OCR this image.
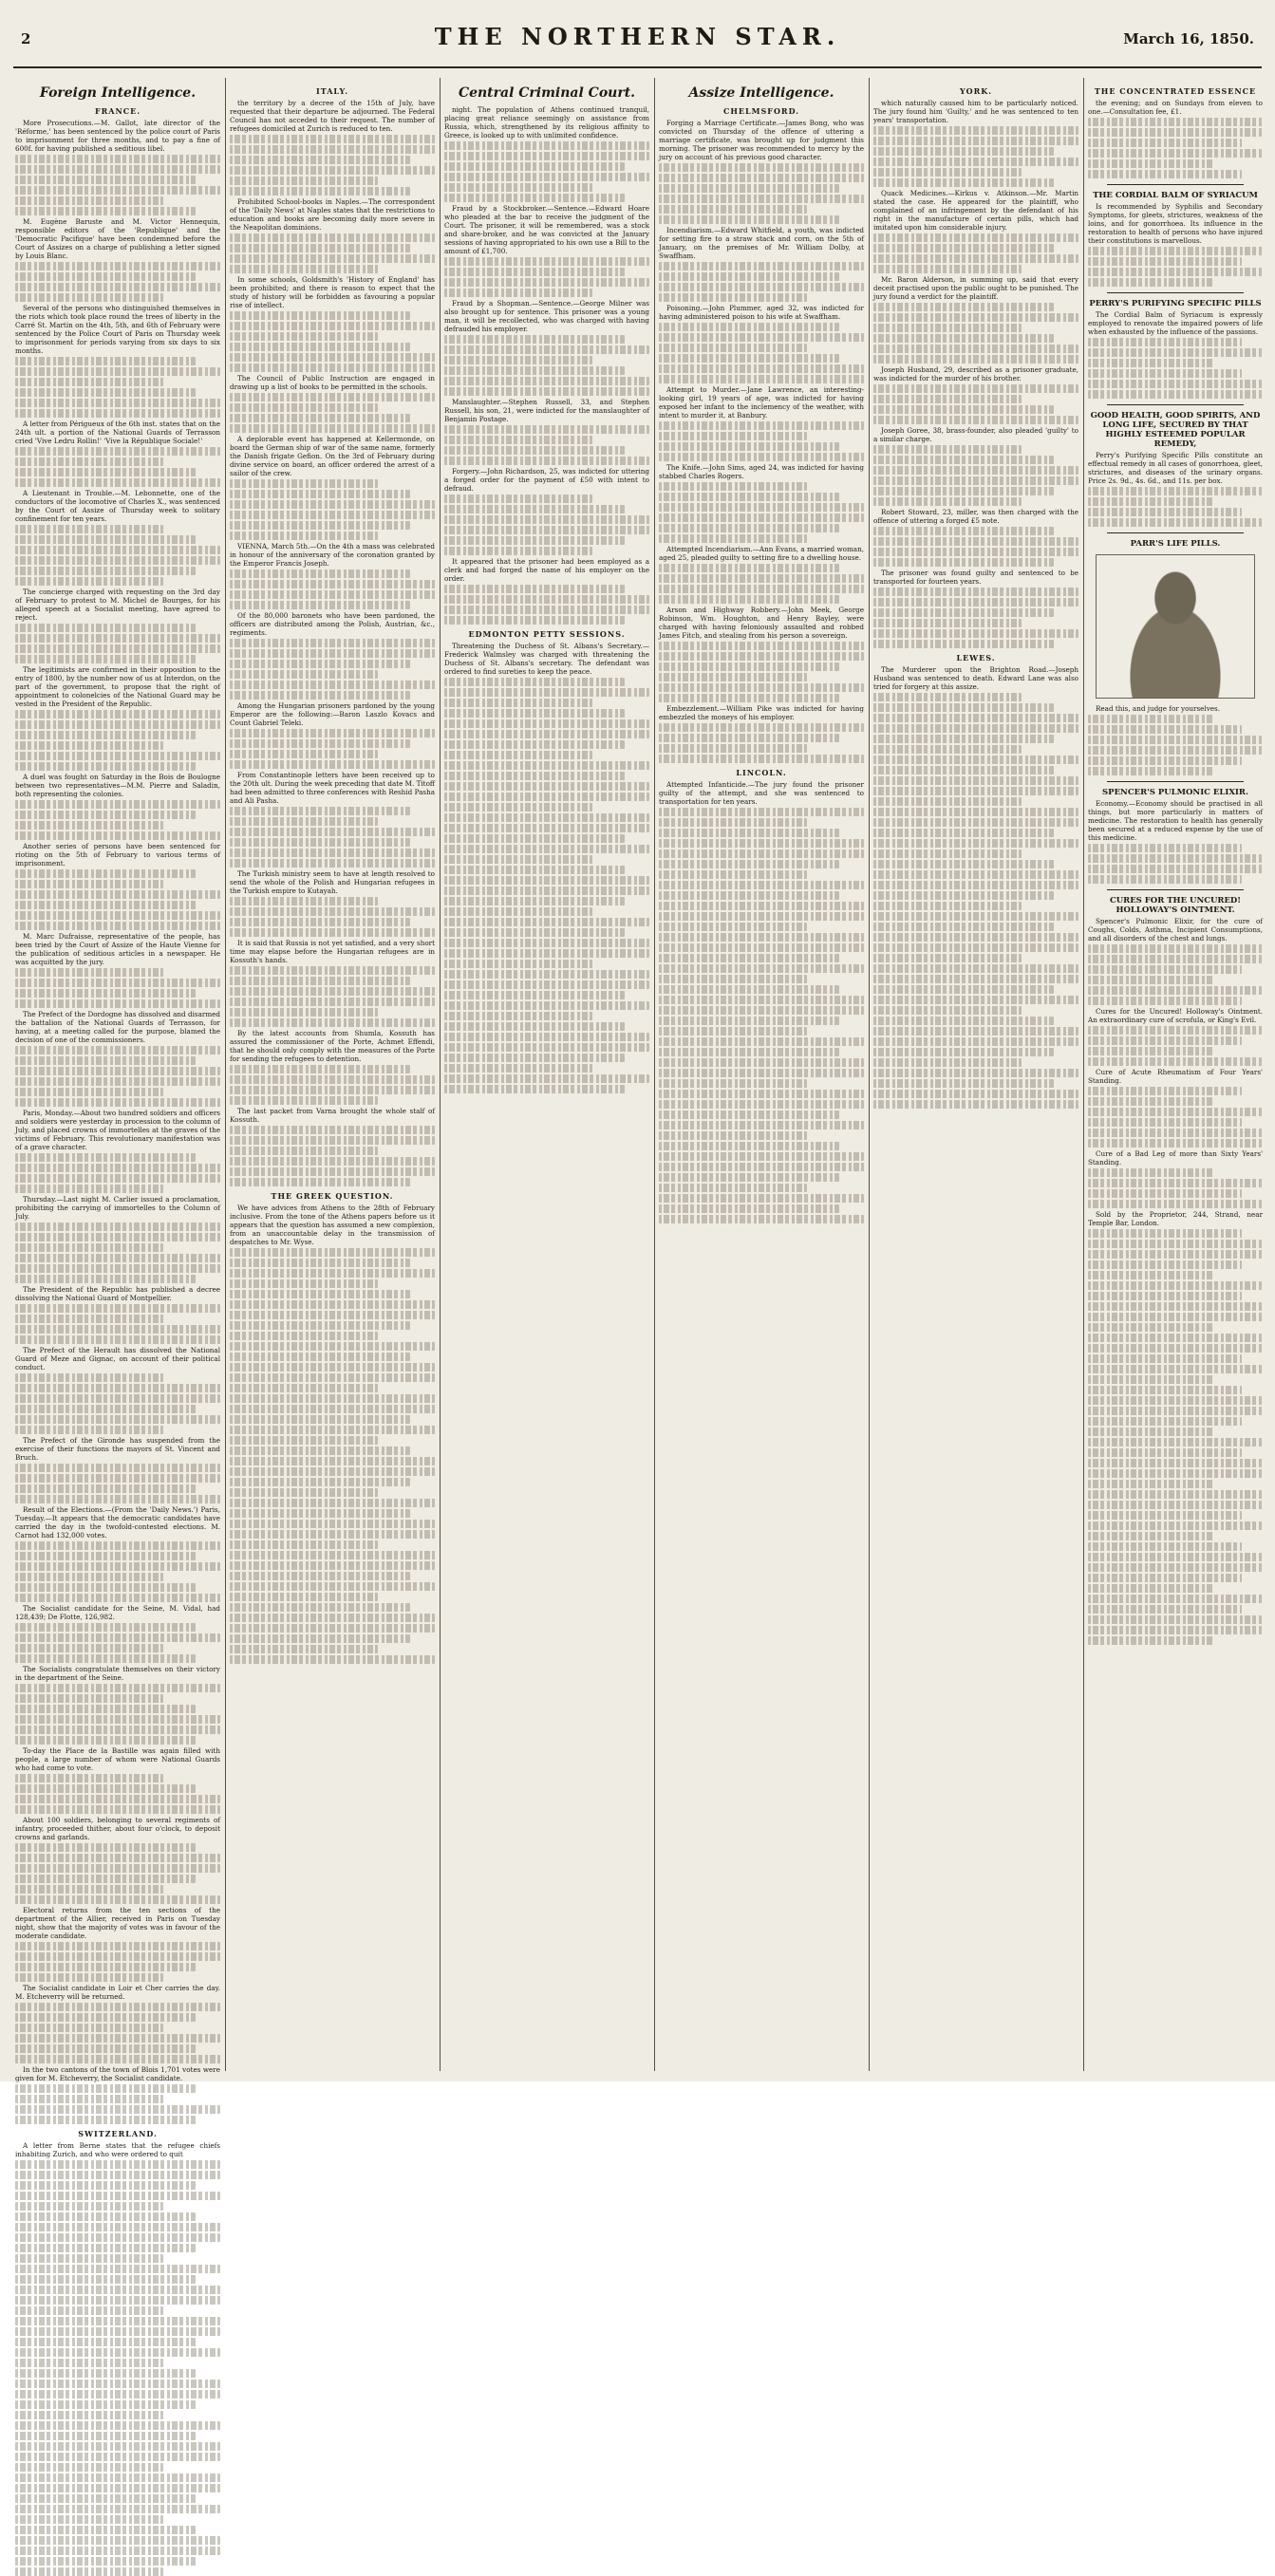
2	THE NORTHERN STAR.	March 16, 1850.
Foreign Intelligence.
FRANCE.

More Prosecutions.—M. Gallot, late director of the 'Réforme,' has been sentenced by the police court of Paris to imprisonment for three months, and to pay a fine of 600f. for having published a seditious libel.

M. Eugène Baruste and M. Victor Hennequin, responsible editors of the 'Republique' and the 'Democratic Pacifique' have been condemned before the Court of Assizes on a charge of publishing a letter signed by Louis Blanc.

Several of the persons who distinguished themselves in the riots which took place round the trees of liberty in the Carré St. Martin on the 4th, 5th, and 6th of February were sentenced by the Police Court of Paris on Thursday week to imprisonment for periods varying from six days to six months.

A letter from Périgueux of the 6th inst. states that on the 24th ult. a portion of the National Guards of Terrasson cried 'Vive Ledru Rollin!' 'Vive la République Sociale!'

A Lieutenant in Trouble.—M. Lebonnette, one of the conductors of the locomotive of Charles X., was sentenced by the Court of Assize of Thursday week to solitary confinement for ten years.

The concierge charged with requesting on the 3rd day of February to protest to M. Michel de Bourges, for his alleged speech at a Socialist meeting, have agreed to reject.

The legitimists are confirmed in their opposition to the entry of 1800, by the number now of us at Interdon, on the part of the government, to propose that the right of appointment to colonelcies of the National Guard may be vested in the President of the Republic.

A duel was fought on Saturday in the Bois de Boulogne between two representatives—M.M. Pierre and Saladin, both representing the colonies.

Another series of persons have been sentenced for rioting on the 5th of February to various terms of imprisonment.

M. Marc Dufraisse, representative of the people, has been tried by the Court of Assize of the Haute Vienne for the publication of seditious articles in a newspaper. He was acquitted by the jury.

The Prefect of the Dordogne has dissolved and disarmed the battalion of the National Guards of Terrasson, for having, at a meeting called for the purpose, blamed the decision of one of the commissioners.

Paris, Monday.—About two hundred soldiers and officers and soldiers were yesterday in procession to the column of July, and placed crowns of immortelles at the graves of the victims of February. This revolutionary manifestation was of a grave character.

Thursday.—Last night M. Carlier issued a proclamation, prohibiting the carrying of immortelles to the Column of July.

The President of the Republic has published a decree dissolving the National Guard of Montpellier.

The Prefect of the Herault has dissolved the National Guard of Meze and Gignac, on account of their political conduct.

The Prefect of the Gironde has suspended from the exercise of their functions the mayors of St. Vincent and Bruch.

Result of the Elections.—(From the 'Daily News.') Paris, Tuesday.—It appears that the democratic candidates have carried the day in the twofold-contested elections. M. Carnot had 132,000 votes.

The Socialist candidate for the Seine, M. Vidal, had 128,439; De Flotte, 126,982.

The Socialists congratulate themselves on their victory in the department of the Seine.

To-day the Place de la Bastille was again filled with people, a large number of whom were National Guards who had come to vote.

About 100 soldiers, belonging to several regiments of infantry, proceeded thither, about four o'clock, to deposit crowns and garlands.

Electoral returns from the ten sections of the department of the Allier, received in Paris on Tuesday night, show that the majority of votes was in favour of the moderate candidate.

The Socialist candidate in Loir et Cher carries the day. M. Etcheverry will be returned.

In the two cantons of the town of Blois 1,701 votes were given for M. Etcheverry, the Socialist candidate.

SWITZERLAND.

A letter from Berne states that the refugee chiefs inhabiting Zurich, and who were ordered to quit

ITALY.

the territory by a decree of the 15th of July, have requested that their departure be adjourned. The Federal Council has not acceded to their request. The number of refugees domiciled at Zurich is reduced to ten.

Prohibited School-books in Naples.—The correspondent of the 'Daily News' at Naples states that the restrictions to education and books are becoming daily more severe in the Neapolitan dominions.

In some schools, Goldsmith's 'History of England' has been prohibited; and there is reason to expect that the study of history will be forbidden as favouring a popular rise of intellect.

The Council of Public Instruction are engaged in drawing up a list of books to be permitted in the schools.

A deplorable event has happened at Kellermonde, on board the German ship of war of the same name, formerly the Danish frigate Gefion. On the 3rd of February during divine service on board, an officer ordered the arrest of a sailor of the crew.

VIENNA, March 5th.—On the 4th a mass was celebrated in honour of the anniversary of the coronation granted by the Emperor Francis Joseph.

Of the 80,000 baronets who have been pardoned, the officers are distributed among the Polish, Austrian, &c., regiments.

Among the Hungarian prisoners pardoned by the young Emperor are the following:—Baron Laszlo Kovacs and Count Gabriel Teleki.

From Constantinople letters have been received up to the 20th ult. During the week preceding that date M. Titoff had been admitted to three conferences with Reshid Pasha and Ali Pasha.

The Turkish ministry seem to have at length resolved to send the whole of the Polish and Hungarian refugees in the Turkish empire to Kutayah.

It is said that Russia is not yet satisfied, and a very short time may elapse before the Hungarian refugees are in Kossuth's hands.

By the latest accounts from Shumla, Kossuth has assured the commissioner of the Porte, Achmet Effendi, that he should only comply with the measures of the Porte for sending the refugees to detention.

The last packet from Varna brought the whole stalf of Kossuth.

THE GREEK QUESTION.

We have advices from Athens to the 28th of February inclusive. From the tone of the Athens papers before us it appears that the question has assumed a new complexion, from an unaccountable delay in the transmission of despatches to Mr. Wyse.

Central Criminal Court.

night. The population of Athens continued tranquil, placing great reliance seemingly on assistance from Russia, which, strengthened by its religious affinity to Greece, is looked up to with unlimited confidence.

Fraud by a Stockbroker.—Sentence.—Edward Hoare who pleaded at the bar to receive the judgment of the Court. The prisoner, it will be remembered, was a stock and share-broker, and he was convicted at the January sessions of having appropriated to his own use a Bill to the amount of £1,700.

Fraud by a Shopman.—Sentence.—George Milner was also brought up for sentence. This prisoner was a young man, it will be recollected, who was charged with having defrauded his employer.

Manslaughter.—Stephen Russell, 33, and Stephen Russell, his son, 21, were indicted for the manslaughter of Benjamin Postage.

Forgery.—John Richardson, 25, was indicted for uttering a forged order for the payment of £50 with intent to defraud.

It appeared that the prisoner had been employed as a clerk and had forged the name of his employer on the order.

EDMONTON PETTY SESSIONS.

Threatening the Duchess of St. Albans's Secretary.—Frederick Walmsley was charged with threatening the Duchess of St. Albans's secretary. The defendant was ordered to find sureties to keep the peace.

Assize Intelligence.
CHELMSFORD.

Forging a Marriage Certificate.—James Bong, who was convicted on Thursday of the offence of uttering a marriage certificate, was brought up for judgment this morning. The prisoner was recommended to mercy by the jury on account of his previous good character.

Incendiarism.—Edward Whitfield, a youth, was indicted for setting fire to a straw stack and corn, on the 5th of January, on the premises of Mr. William Dolby, at Swaffham.

Poisoning.—John Plummer, aged 32, was indicted for having administered poison to his wife at Swaffham.

Attempt to Murder.—Jane Lawrence, an interesting-looking girl, 19 years of age, was indicted for having exposed her infant to the inclemency of the weather, with intent to murder it, at Banbury.

The Knife.—John Sims, aged 24, was indicted for having stabbed Charles Rogers.

Attempted Incendiarism.—Ann Evans, a married woman, aged 25, pleaded guilty to setting fire to a dwelling house.

Arson and Highway Robbery.—John Meek, George Robinson, Wm. Houghton, and Henry Bayley, were charged with having feloniously assaulted and robbed James Fitch, and stealing from his person a sovereign.

Embezzlement.—William Pike was indicted for having embezzled the moneys of his employer.

LINCOLN.

Attempted Infanticide.—The jury found the prisoner guilty of the attempt, and she was sentenced to transportation for ten years.

YORK.

which naturally caused him to be particularly noticed. The jury found him 'Guilty,' and he was sentenced to ten years' transportation.

Quack Medicines.—Kirkus v. Atkinson.—Mr. Martin stated the case. He appeared for the plaintiff, who complained of an infringement by the defendant of his right in the manufacture of certain pills, which had imitated upon him considerable injury.

Mr. Baron Alderson, in summing up, said that every deceit practised upon the public ought to be punished. The jury found a verdict for the plaintiff.

Joseph Husband, 29, described as a prisoner graduate, was indicted for the murder of his brother.

Joseph Goree, 38, brass-founder, also pleaded 'guilty' to a similar charge.

Robert Stoward, 23, miller, was then charged with the offence of uttering a forged £5 note.

The prisoner was found guilty and sentenced to be transported for fourteen years.

LEWES.

The Murderer upon the Brighton Road.—Joseph Husband was sentenced to death. Edward Lane was also tried for forgery at this assize.

THE CONCENTRATED ESSENCE

the evening; and on Sundays from eleven to one.—Consultation fee, £1.

THE CORDIAL BALM OF SYRIACUM

Is recommended by Syphilis and Secondary Symptoms, for gleets, strictures, weakness of the loins, and for gonorrhoea. Its influence in the restoration to health of persons who have injured their constitutions is marvellous.

PERRY'S PURIFYING SPECIFIC PILLS

The Cordial Balm of Syriacum is expressly employed to renovate the impaired powers of life when exhausted by the influence of the passions.

GOOD HEALTH, GOOD SPIRITS, AND LONG LIFE, SECURED BY THAT HIGHLY ESTEEMED POPULAR REMEDY,

Perry's Purifying Specific Pills constitute an effectual remedy in all cases of gonorrhoea, gleet, strictures, and diseases of the urinary organs. Price 2s. 9d., 4s. 6d., and 11s. per box.

PARR'S LIFE PILLS.

Read this, and judge for yourselves.

SPENCER'S PULMONIC ELIXIR.

Economy.—Economy should be practised in all things, but more particularly in matters of medicine. The restoration to health has generally been secured at a reduced expense by the use of this medicine.

CURES FOR THE UNCURED! HOLLOWAY'S OINTMENT.

Spencer's Pulmonic Elixir, for the cure of Coughs, Colds, Asthma, Incipient Consumptions, and all disorders of the chest and lungs.

Cures for the Uncured! Holloway's Ointment. An extraordinary cure of scrofula, or King's Evil.

Cure of Acute Rheumatism of Four Years' Standing.

Cure of a Bad Leg of more than Sixty Years' Standing.

Sold by the Proprietor, 244, Strand, near Temple Bar, London.
